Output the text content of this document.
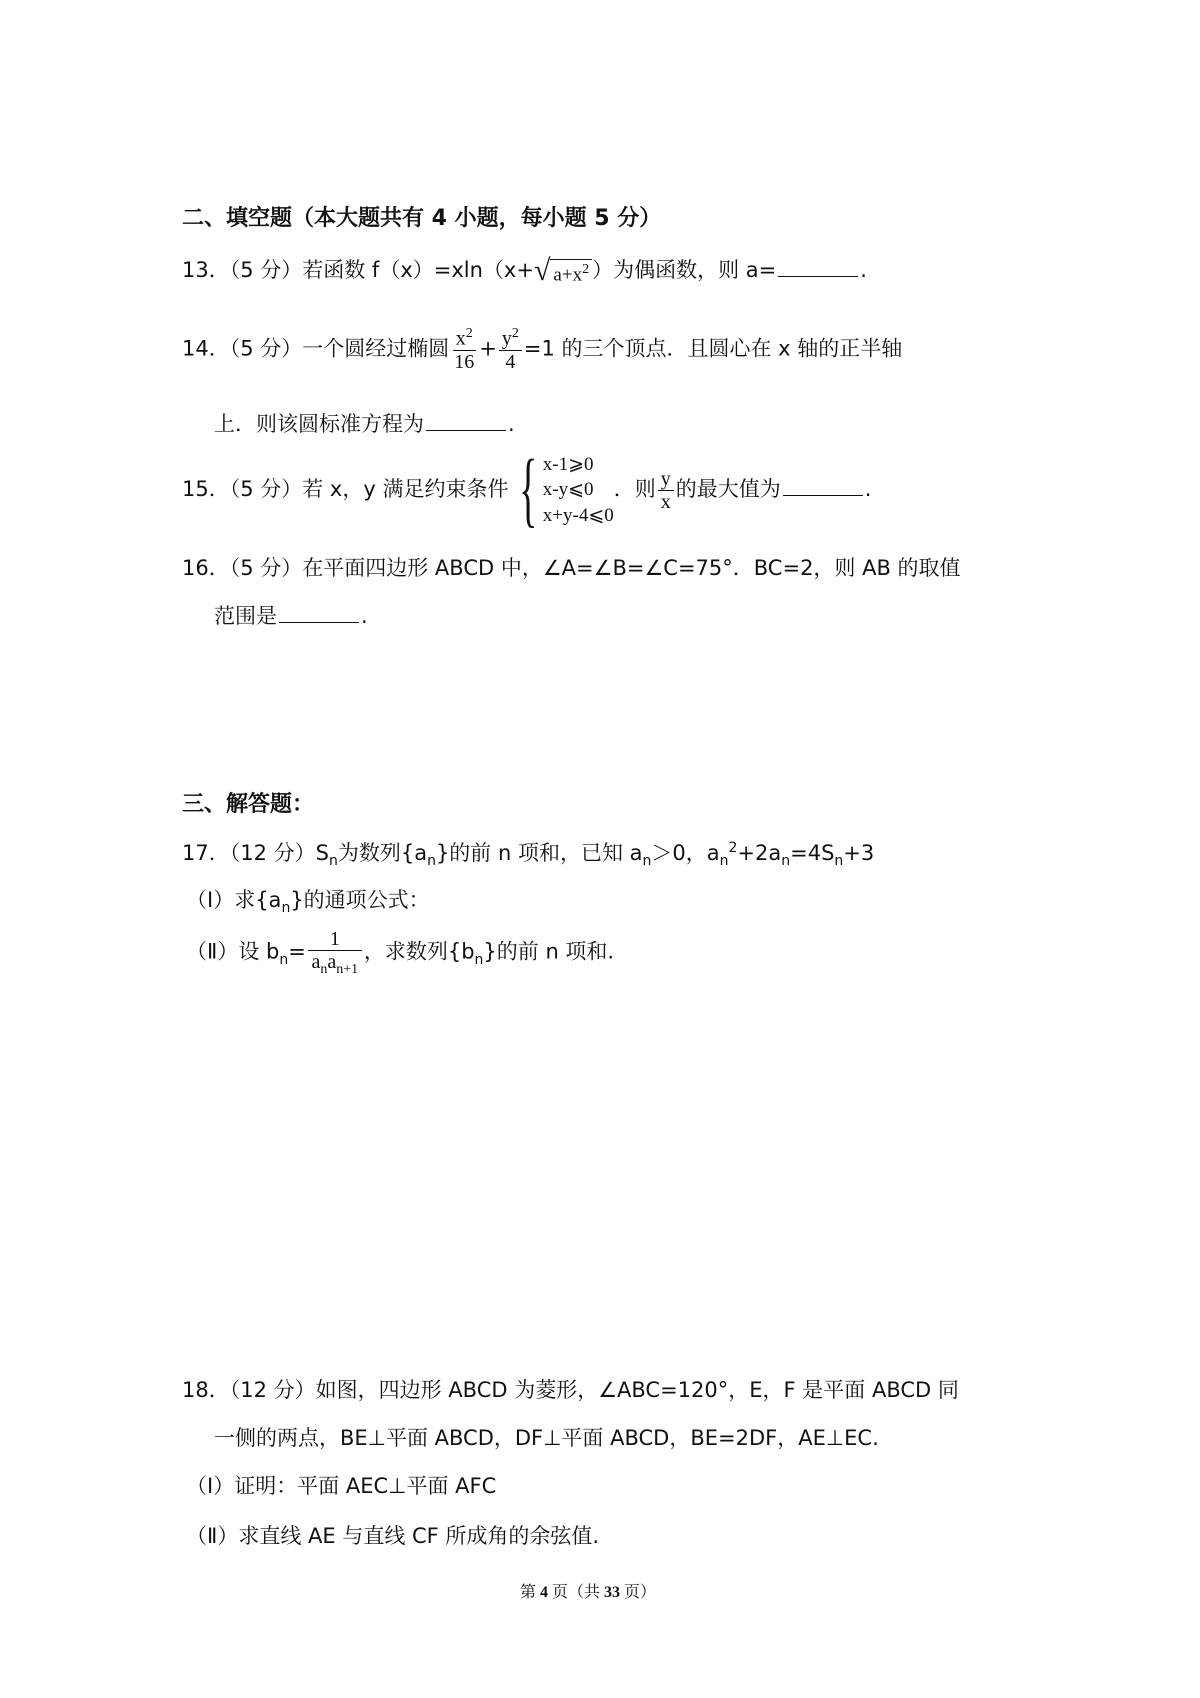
二、填空题（本大题共有 4 小题，每小题 5 分）
13．（5 分）若函数 f（x）=xln（x+ √ $a+x^2$ ）为偶函数，则 a=	.
14．（5 分）一个圆经过椭圆 $\frac{x^2}{16} + \frac{y^2}{4} =1$ 的三个顶点．且圆心在 x 轴的正半轴
上．则该圆标准方程为	.
15．（5 分）若 x，y 满足约束条件 { x-1⩾0
x-y⩽0
x+y-4⩽0
．则 $\frac{y}{x}$ 的最大值为	.
16．（5 分）在平面四边形 ABCD 中，∠A=∠B=∠C=75°．BC=2，则 AB 的取值
范围是	.
三、解答题：
17．（12 分）$S_n$为数列$\{a_n\}$的前 n 项和，已知 $a_n>0$，$a_n^2+2a_n=4S_n+3$
（I）求$\{a_n\}$的通项公式：
（Ⅱ）设 $b_n= \frac{1}{a_na_{n+1}}$ ，求数列$\{b_n\}$的前 n 项和.
18．（12 分）如图，四边形 ABCD 为菱形，∠ABC=120°，E，F 是平面 ABCD 同
一侧的两点，BE⊥平面 ABCD，DF⊥平面 ABCD，BE=2DF，AE⊥EC.
（Ⅰ）证明：平面 AEC⊥平面 AFC
（Ⅱ）求直线 AE 与直线 CF 所成角的余弦值.
第 4 页（共 33 页）
